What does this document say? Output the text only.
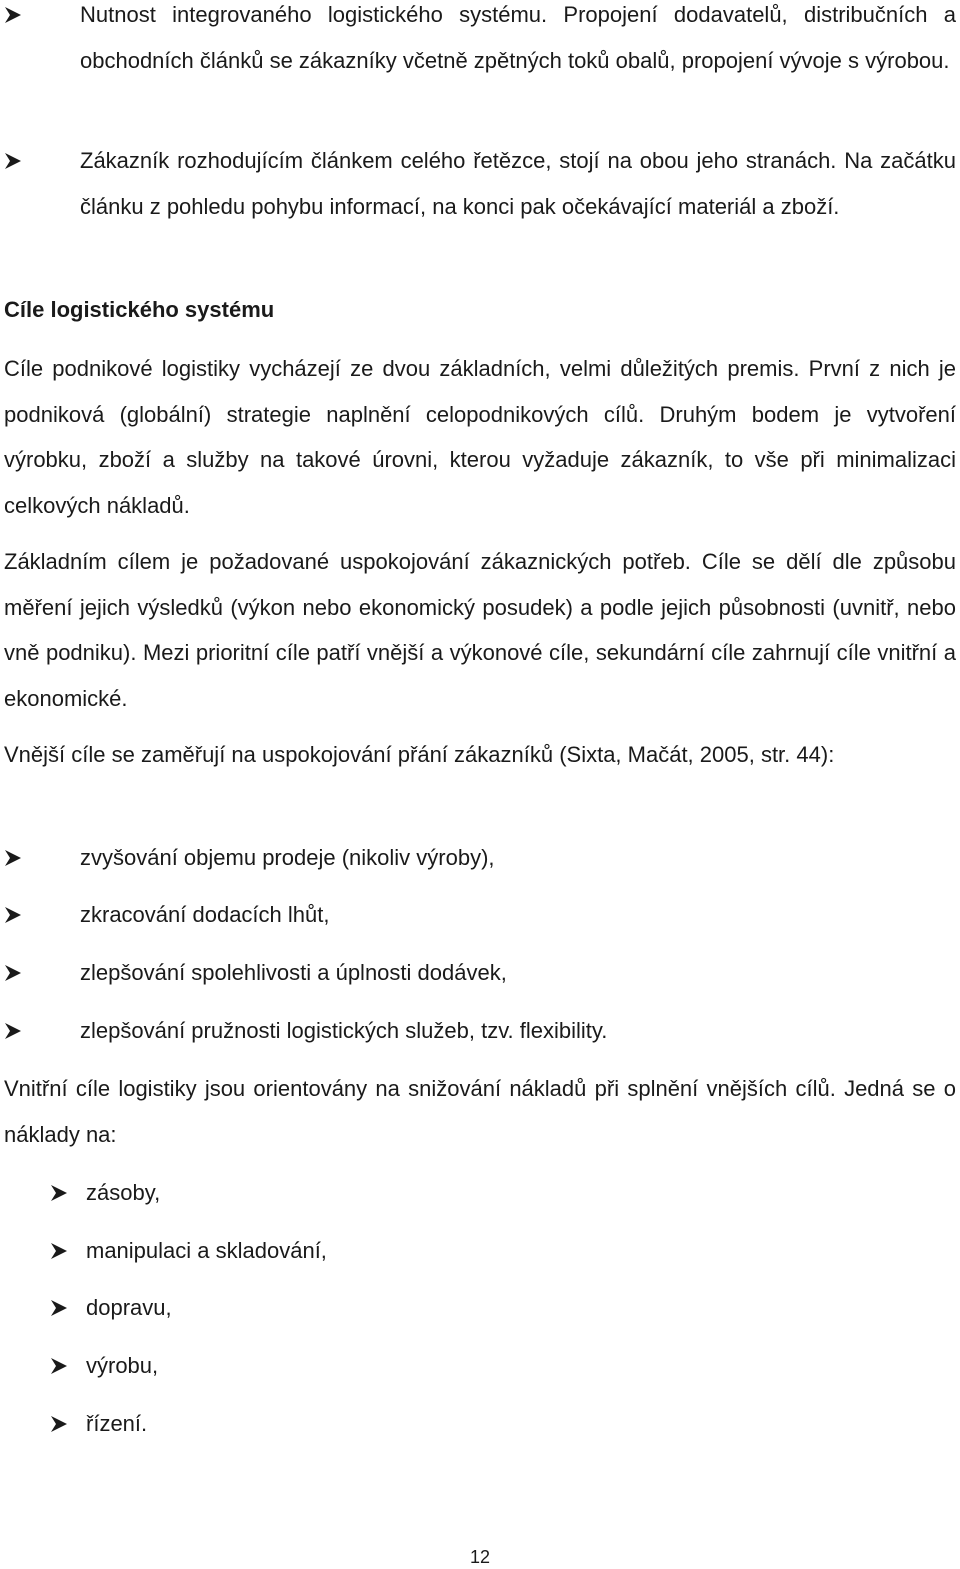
Nutnost integrovaného logistického systému. Propojení dodavatelů, distribučních a obchodních článků se zákazníky včetně zpětných toků obalů, propojení vývoje s výrobou.
Zákazník rozhodujícím článkem celého řetězce, stojí na obou jeho stranách. Na začátku článku z pohledu pohybu informací, na konci pak očekávající materiál a zboží.
Cíle logistického systému

Cíle podnikové logistiky vycházejí ze dvou základních, velmi důležitých premis. První z nich je podniková (globální) strategie naplnění celopodnikových cílů. Druhým bodem je vytvoření výrobku, zboží a služby na takové úrovni, kterou vyžaduje zákazník, to vše při minimalizaci celkových nákladů.

Základním cílem je požadované uspokojování zákaznických potřeb. Cíle se dělí dle způsobu měření jejich výsledků (výkon nebo ekonomický posudek) a podle jejich působnosti (uvnitř, nebo vně podniku). Mezi prioritní cíle patří vnější a výkonové cíle, sekundární cíle zahrnují cíle vnitřní a ekonomické.

Vnější cíle se zaměřují na uspokojování přání zákazníků (Sixta, Mačát, 2005, str. 44):

zvyšování objemu prodeje (nikoliv výroby),
zkracování dodacích lhůt,
zlepšování spolehlivosti a úplnosti dodávek,
zlepšování pružnosti logistických služeb, tzv. flexibility.

Vnitřní cíle logistiky jsou orientovány na snižování nákladů při splnění vnějších cílů. Jedná se o náklady na:

zásoby,
manipulaci a skladování,
dopravu,
výrobu,
řízení.
12
